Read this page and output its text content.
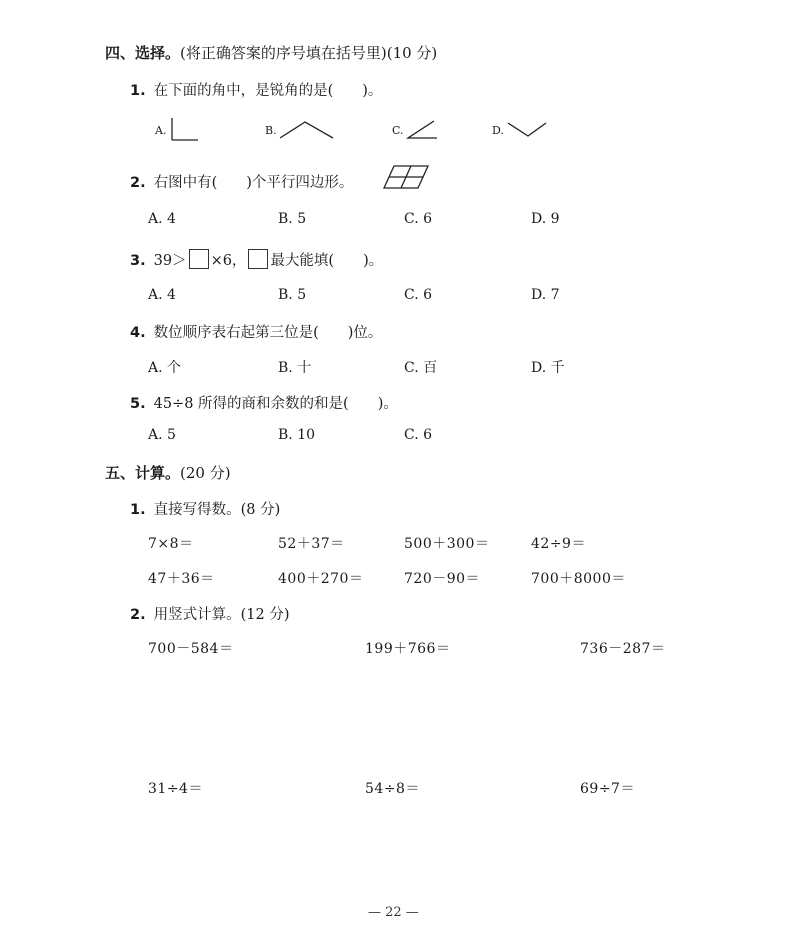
四、选择。(将正确答案的序号填在括号里)(10 分)
1. 在下面的角中，是锐角的是(　　)。
A.	B.	C.	D.
2. 右图中有(　　)个平行四边形。
A. 4	B. 5	C. 6	D. 9
3. 39＞ ×6， 最大能填(　　)。
A. 4	B. 5	C. 6	D. 7
4. 数位顺序表右起第三位是(　　)位。
A. 个	B. 十	C. 百	D. 千
5. 45÷8 所得的商和余数的和是(　　)。
A. 5	B. 10	C. 6
五、计算。(20 分)
1. 直接写得数。(8 分)
7×8＝	52＋37＝	500＋300＝	42÷9＝
47＋36＝	400＋270＝	720－90＝	700＋8000＝
2. 用竖式计算。(12 分)
700－584＝	199＋766＝	736－287＝
31÷4＝	54÷8＝	69÷7＝
— 22 —
